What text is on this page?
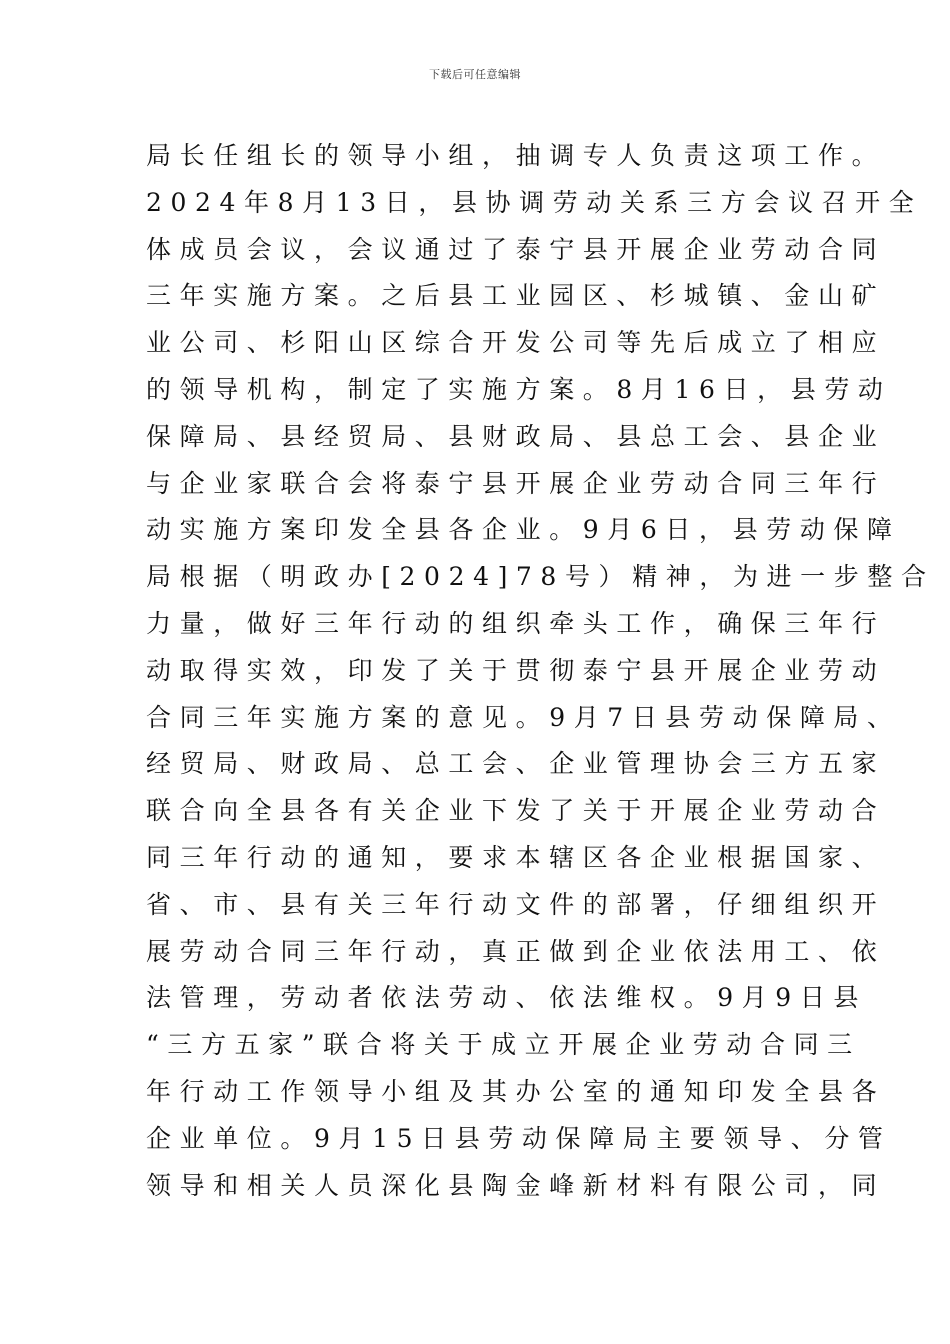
下载后可任意编辑
局长任组长的领导小组，抽调专人负责这项工作。
2024年8月13日，县协调劳动关系三方会议召开全
体成员会议，会议通过了泰宁县开展企业劳动合同
三年实施方案。之后县工业园区、杉城镇、金山矿
业公司、杉阳山区综合开发公司等先后成立了相应
的领导机构，制定了实施方案。8月16日，县劳动
保障局、县经贸局、县财政局、县总工会、县企业
与企业家联合会将泰宁县开展企业劳动合同三年行
动实施方案印发全县各企业。9月6日，县劳动保障
局根据（明政办[2024]78号）精神，为进一步整合
力量，做好三年行动的组织牵头工作，确保三年行
动取得实效，印发了关于贯彻泰宁县开展企业劳动
合同三年实施方案的意见。9月7日县劳动保障局、
经贸局、财政局、总工会、企业管理协会三方五家
联合向全县各有关企业下发了关于开展企业劳动合
同三年行动的通知，要求本辖区各企业根据国家、
省、市、县有关三年行动文件的部署，仔细组织开
展劳动合同三年行动，真正做到企业依法用工、依
法管理，劳动者依法劳动、依法维权。9月9日县
“三方五家”联合将关于成立开展企业劳动合同三
年行动工作领导小组及其办公室的通知印发全县各
企业单位。9月15日县劳动保障局主要领导、分管
领导和相关人员深化县陶金峰新材料有限公司，同
